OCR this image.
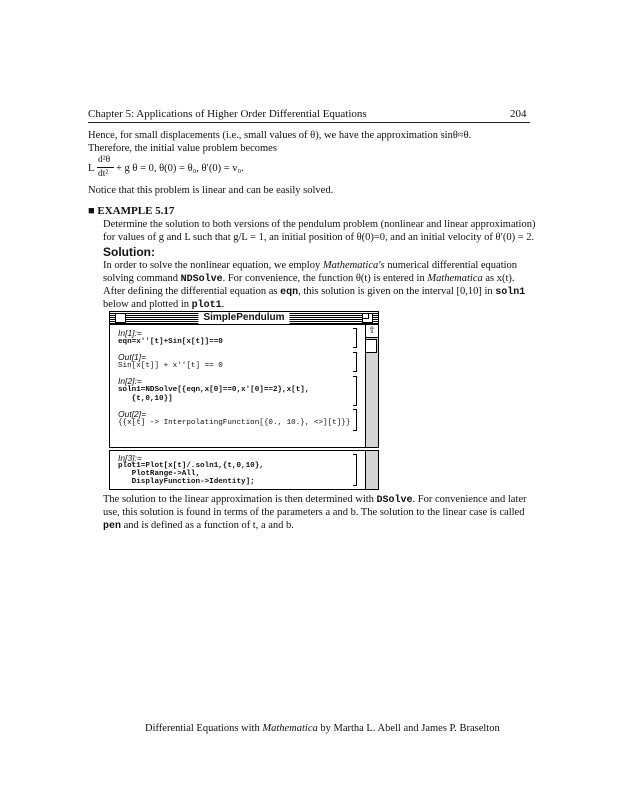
Chapter 5: Applications of Higher Order Differential Equations	204
Hence, for small displacements (i.e., small values of θ), we have the approximation sinθ≈θ.
Therefore, the initial value problem becomes
L
d²θ
dt² + g θ = 0, θ(0) = θ₀, θ′(0) = v₀.
Notice that this problem is linear and can be easily solved.
■ EXAMPLE 5.17
Determine the solution to both versions of the pendulum problem (nonlinear and linear approximation)
for values of g and L such that g/L = 1, an initial position of θ(0)=0, and an initial velocity of θ′(0) = 2.
Solution:
In order to solve the nonlinear equation, we employ Mathematica's numerical differential equation
solving command NDSolve. For convenience, the function θ(t) is entered in Mathematica as x(t).
After defining the differential equation as eqn, this solution is given on the interval [0,10] in soln1
below and plotted in plot1.
SimplePendulum
⇧
In[1]:=
eqn=x''[t]+Sin[x[t]]==0
Out[1]=
Sin[x[t]] + x''[t] == 0
In[2]:=
soln1=NDSolve[{eqn,x[0]==0,x'[0]==2},x[t],
{t,0,10}]
Out[2]=
{{x[t] -> InterpolatingFunction[{0., 10.}, <>][t]}}
In[3]:=
plot1=Plot[x[t]/.soln1,{t,0,10},
PlotRange->All,
DisplayFunction->Identity];
The solution to the linear approximation is then determined with DSolve. For convenience and later
use, this solution is found in terms of the parameters a and b. The solution to the linear case is called
pen and is defined as a function of t, a and b.
Differential Equations with Mathematica by Martha L. Abell and James P. Braselton
